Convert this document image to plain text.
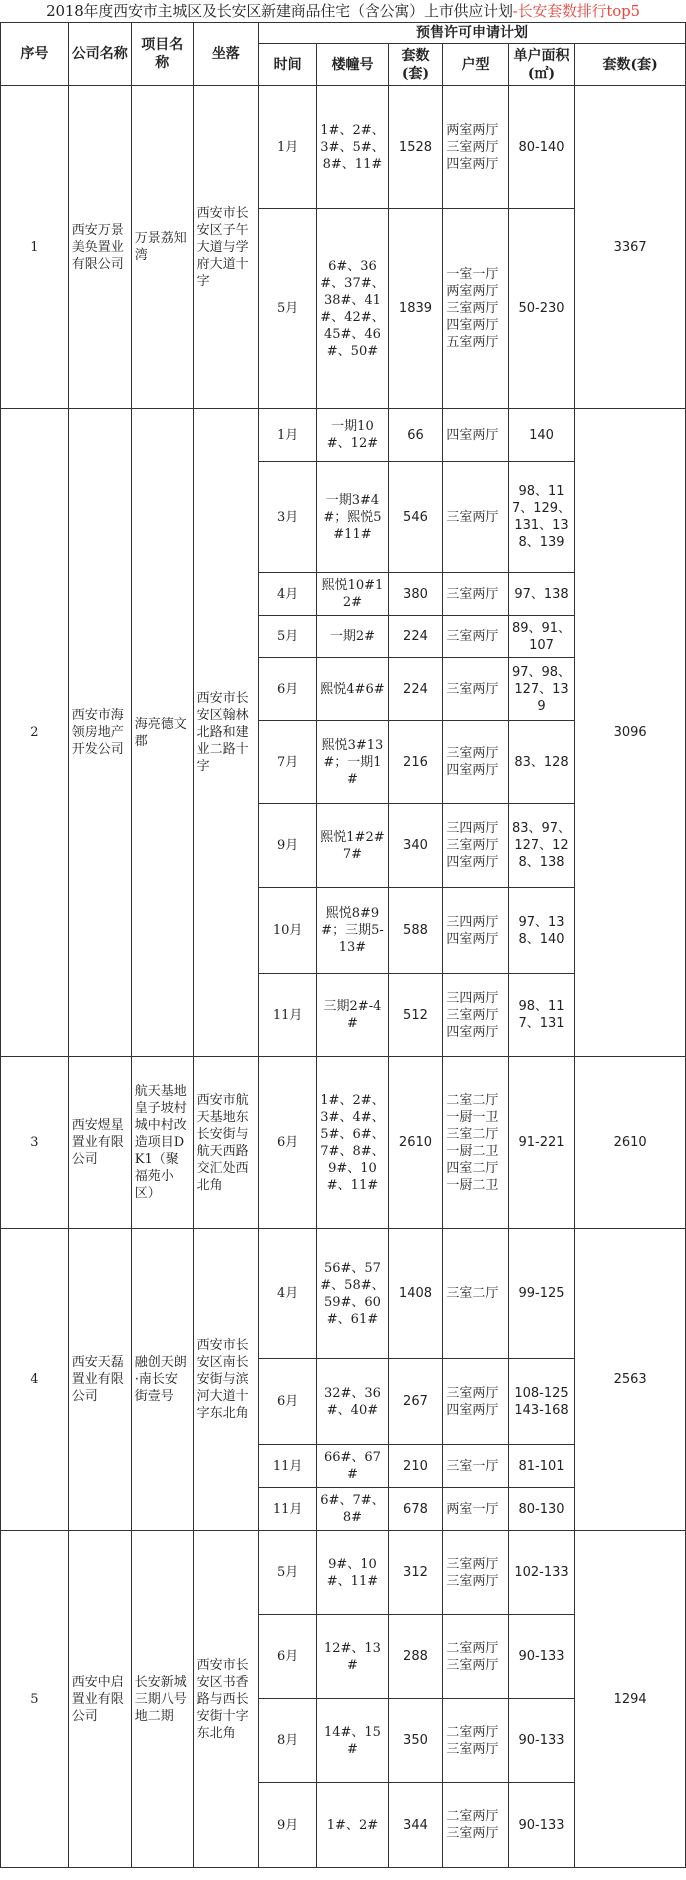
2018年度西安市主城区及长安区新建商品住宅（含公寓）上市供应计划-长安套数排行top5
序号	公司名称	项目名称	坐落	预售许可申请计划					
				时间	楼幢号	套数(套)	户型	单户面积(㎡)	套数(套)

1	西安万景美奂置业有限公司	万景荔知湾	西安市长安区子午大道与学府大道十字	1月	1#、2#、3#、5#、8#、11#	1528	两室两厅
三室两厅
四室两厅	80-140	3367

				5月	6#、36#、37#、38#、41#、42#、45#、46#、50#	1839	一室一厅
两室两厅
三室两厅
四室两厅
五室两厅	50-230	

2	西安市海领房地产开发公司	海亮德文郡	西安市长安区翰林北路和建业二路十字	1月	一期10#、12#	66	四室两厅	140	3096

				3月	一期3#4#；熙悦5#11#	546	三室两厅	98、117、129、131、138、139	

				4月	熙悦10#12#	380	三室两厅	97、138	

				5月	一期2#	224	三室两厅	89、91、107	

				6月	熙悦4#6#	224	三室两厅	97、98、127、139	

				7月	熙悦3#13#；一期1#	216	三室两厅
四室两厅	83、128	

				9月	熙悦1#2#7#	340	三四两厅
三室两厅
四室两厅	83、97、127、128、138	

				10月	熙悦8#9#；三期5-13#	588	三四两厅
四室两厅	97、138、140	

				11月	三期2#-4#	512	三四两厅
三室两厅
四室两厅	98、117、131	

3	西安煜星置业有限公司	航天基地皇子坡村城中村改造项目DK1（聚福苑小区）	西安市航天基地东长安街与航天西路交汇处西北角	6月	1#、2#、3#、4#、5#、6#、7#、8#、9#、10#、11#	2610	二室二厅一厨一卫
三室二厅一厨二卫
四室二厅一厨二卫	91-221	2610

4	西安天磊置业有限公司	融创天朗·南长安街壹号	西安市长安区南长安街与滨河大道十字东北角	4月	56#、57#、58#、59#、60#、61#	1408	三室二厅	99-125	2563

				6月	32#、36#、40#	267	三室两厅
四室两厅	108-125
143-168	

				11月	66#、67#	210	三室一厅	81-101	

				11月	6#、7#、8#	678	两室一厅	80-130	

5	西安中启置业有限公司	长安新城三期八号地二期	西安市长安区书香路与西长安街十字东北角	5月	9#、10#、11#	312	三室两厅
三室两厅	102-133	1294

				6月	12#、13#	288	二室两厅
三室两厅	90-133	

				8月	14#、15#	350	二室两厅
三室两厅	90-133	

				9月	1#、2#	344	二室两厅
三室两厅	90-133	
